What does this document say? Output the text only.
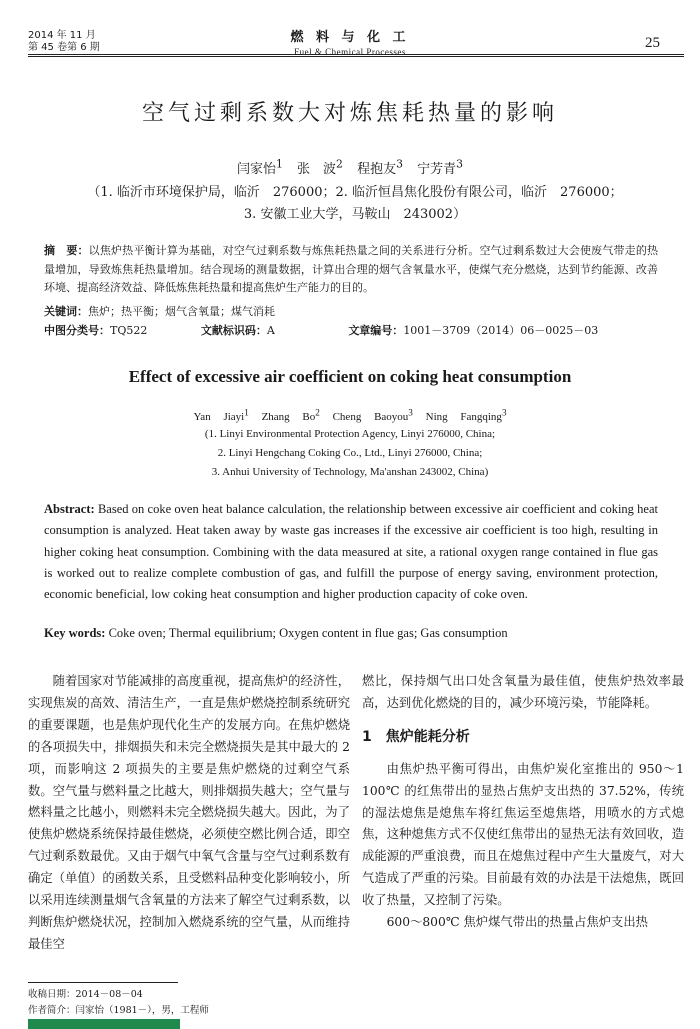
2014 年 11 月
第 45 卷第 6 期
燃 料 与 化 工
Fuel & Chemical Processes
25
空气过剩系数大对炼焦耗热量的影响
闫家怡$^1$ 张　波$^2$ 程抱友$^3$ 宁芳青$^3$
（1. 临沂市环境保护局，临沂　276000；2. 临沂恒昌焦化股份有限公司，临沂　276000；
3. 安徽工业大学，马鞍山　243002）
摘　要：以焦炉热平衡计算为基础，对空气过剩系数与炼焦耗热量之间的关系进行分析。空气过剩系数过大会使废气带走的热量增加，导致炼焦耗热量增加。结合现场的测量数据，计算出合理的烟气含氧量水平，使煤气充分燃烧，达到节约能源、改善环境、提高经济效益、降低炼焦耗热量和提高焦炉生产能力的目的。
关键词：焦炉；热平衡；烟气含氧量；煤气消耗
中图分类号：TQ522	文献标识码：A	文章编号：1001－3709（2014）06－0025－03
Effect of excessive air coefficient on coking heat consumption
Yan Jiayi$^1$ Zhang Bo$^2$ Cheng Baoyou$^3$ Ning Fangqing$^3$
(1. Linyi Environmental Protection Agency, Linyi 276000, China;
2. Linyi Hengchang Coking Co., Ltd., Linyi 276000, China;
3. Anhui University of Technology, Ma'anshan 243002, China)
Abstract: Based on coke oven heat balance calculation, the relationship between excessive air coefficient and coking heat consumption is analyzed. Heat taken away by waste gas increases if the excessive air coefficient is too high, resulting in higher coking heat consumption. Combining with the data measured at site, a rational oxygen range contained in flue gas is worked out to realize complete combustion of gas, and fulfill the purpose of energy saving, environment protection, economic beneficial, low coking heat consumption and higher production capacity of coke oven.
Key words: Coke oven; Thermal equilibrium; Oxygen content in flue gas; Gas consumption

随着国家对节能减排的高度重视，提高焦炉的经济性，实现焦炭的高效、清洁生产，一直是焦炉燃烧控制系统研究的重要课题，也是焦炉现代化生产的发展方向。在焦炉燃烧的各项损失中，排烟损失和未完全燃烧损失是其中最大的 2 项，而影响这 2 项损失的主要是焦炉燃烧的过剩空气系数。空气量与燃料量之比越大，则排烟损失越大；空气量与燃料量之比越小，则燃料未完全燃烧损失越大。因此，为了使焦炉燃烧系统保持最佳燃烧，必须使空燃比例合适，即空气过剩系数最优。又由于烟气中氧气含量与空气过剩系数有确定（单值）的函数关系，且受燃料品种变化影响较小，所以采用连续测量烟气含氧量的方法来了解空气过剩系数，以判断焦炉燃烧状况，控制加入燃烧系统的空气量，从而维持最佳空

燃比，保持烟气出口处含氧量为最佳值，使焦炉热效率最高，达到优化燃烧的目的，减少环境污染，节能降耗。

1　焦炉能耗分析

由焦炉热平衡可得出，由焦炉炭化室推出的 950～1 100℃ 的红焦带出的显热占焦炉支出热的 37.52%，传统的湿法熄焦是熄焦车将红焦运至熄焦塔，用喷水的方式熄焦，这种熄焦方式不仅使红焦带出的显热无法有效回收，造成能源的严重浪费，而且在熄焦过程中产生大量废气，对大气造成了严重的污染。目前最有效的办法是干法熄焦，既回收了热量，又控制了污染。

600～800℃ 焦炉煤气带出的热量占焦炉支出热

收稿日期：2014－08－04
作者简介：闫家怡（1981－），男，工程师
